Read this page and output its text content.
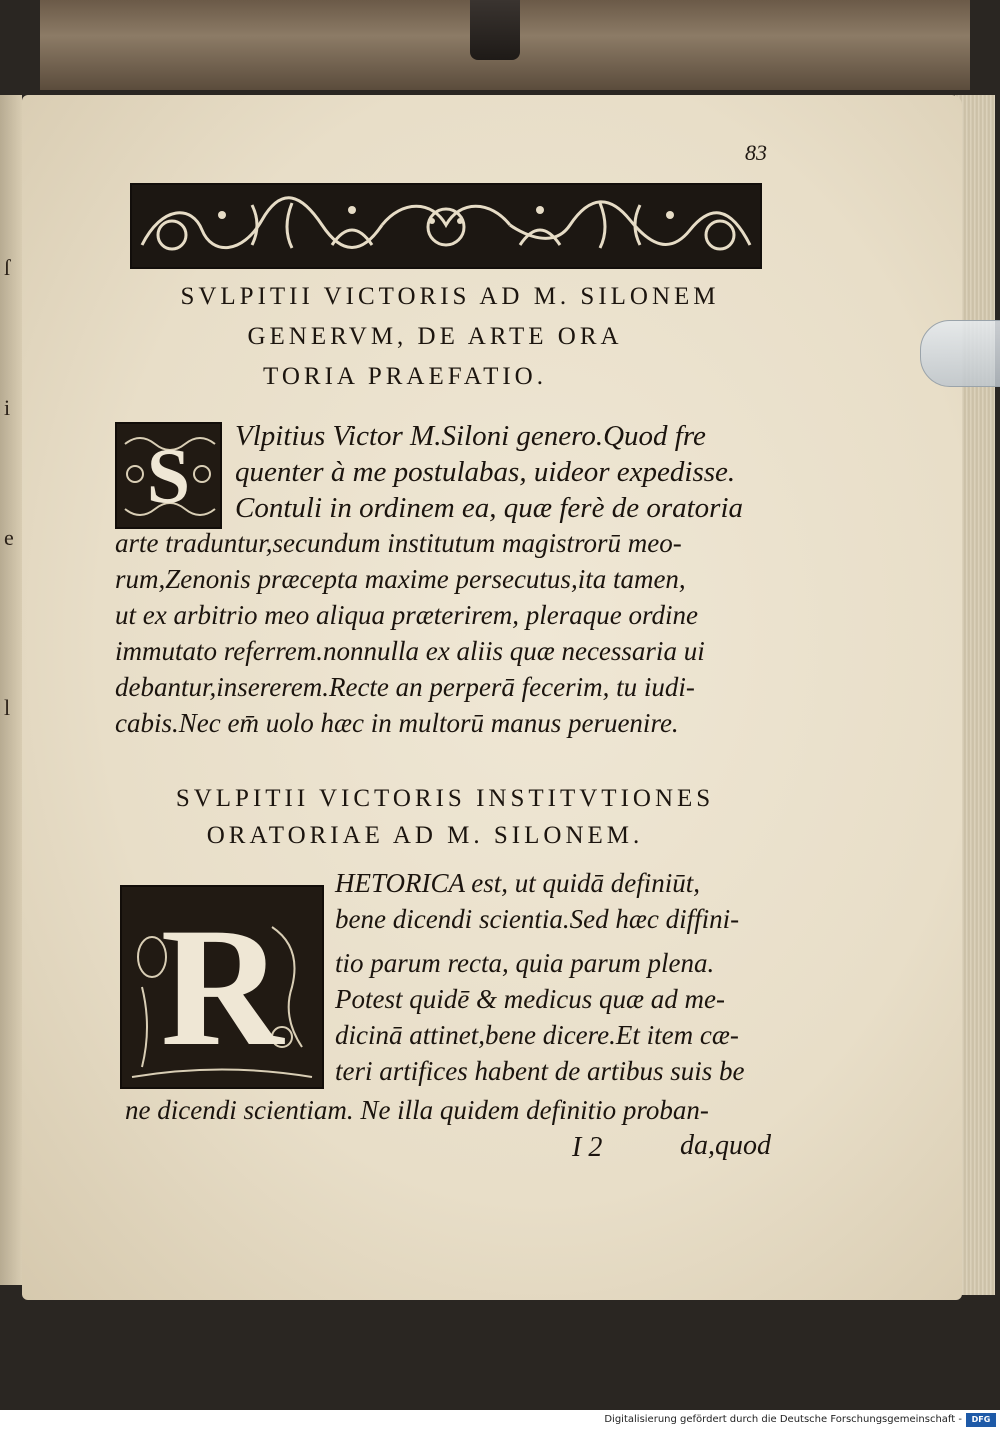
ſ
i
e
l
83
SVLPITII VICTORIS AD M. SILONEM
GENERVM, DE ARTE ORA
TORIA PRAEFATIO.
S	Vlpitius Victor M.Siloni genero.Quod fre
quenter à me postulabas, uideor expedisse.
Contuli in ordinem ea, quæ ferè de oratoria
arte traduntur,secundum institutum magistrorū meo-
rum,Zenonis præcepta maxime persecutus,ita tamen,
ut ex arbitrio meo aliqua præterirem, pleraque ordine
immutato referrem.nonnulla ex aliis quæ necessaria ui
debantur,insererem.Recte an perperā fecerim, tu iudi-
cabis.Nec em̄ uolo hæc in multorū manus peruenire.
SVLPITII VICTORIS INSTITVTIONES
ORATORIAE AD M. SILONEM.
R
HETORICA est, ut quidā definiūt,
bene dicendi scientia.Sed hæc diffini-
tio parum recta, quia parum plena.
Potest quidē & medicus quæ ad me-
dicinā attinet,bene dicere.Et item cæ-
teri artifices habent de artibus suis be
ne dicendi scientiam. Ne illa quidem definitio proban-
I 2	da,quod
Digitalisierung gefördert durch die Deutsche Forschungsgemeinschaft -	DFG
